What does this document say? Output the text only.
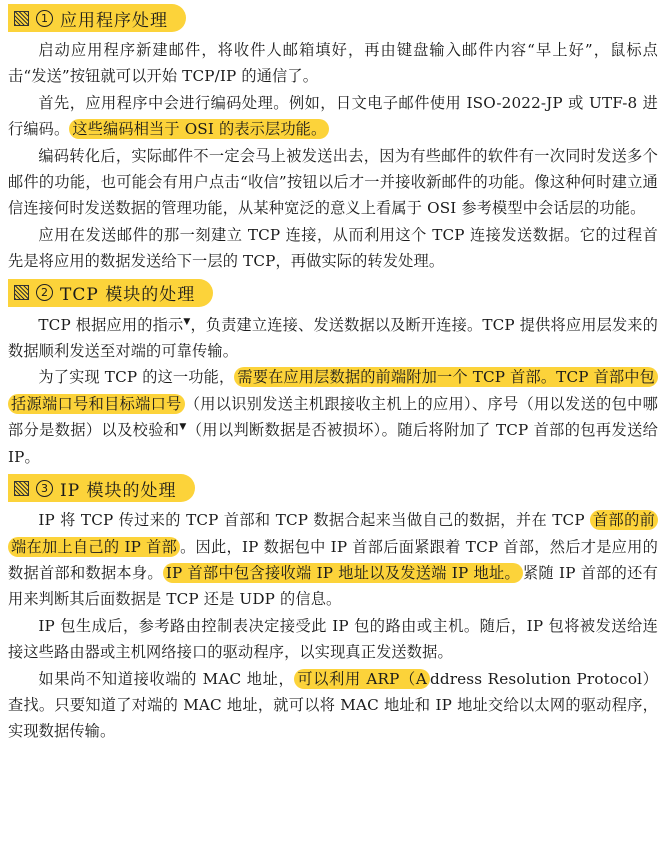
1 应用程序处理

启动应用程序新建邮件，将收件人邮箱填好，再由键盘输入邮件内容“早上好”，鼠标点击“发送”按钮就可以开始 TCP/IP 的通信了。

首先，应用程序中会进行编码处理。例如，日文电子邮件使用 ISO-2022-JP 或 UTF-8 进行编码。 这些编码相当于 OSI 的表示层功能。

编码转化后，实际邮件不一定会马上被发送出去，因为有些邮件的软件有一次同时发送多个邮件的功能，也可能会有用户点击“收信”按钮以后才一并接收新邮件的功能。像这种何时建立通信连接何时发送数据的管理功能，从某种宽泛的意义上看属于 OSI 参考模型中会话层的功能。

应用在发送邮件的那一刻建立 TCP 连接，从而利用这个 TCP 连接发送数据。它的过程首先是将应用的数据发送给下一层的 TCP，再做实际的转发处理。

2 TCP 模块的处理

TCP 根据应用的指示▼，负责建立连接、发送数据以及断开连接。TCP 提供将应用层发来的数据顺利发送至对端的可靠传输。

为了实现 TCP 的这一功能， 需要在应用层数据的前端附加一个 TCP 首部。TCP 首部中包括源端口号和目标端口号 （用以识别发送主机跟接收主机上的应用）、序号（用以发送的包中哪部分是数据）以及校验和▼（用以判断数据是否被损坏）。随后将附加了 TCP 首部的包再发送给 IP。

3 IP 模块的处理

IP 将 TCP 传过来的 TCP 首部和 TCP 数据合起来当做自己的数据，并在 TCP 首部的前端在加上自己的 IP 首部 。因此，IP 数据包中 IP 首部后面紧跟着 TCP 首部，然后才是应用的数据首部和数据本身。 IP 首部中包含接收端 IP 地址以及发送端 IP 地址。 紧随 IP 首部的还有用来判断其后面数据是 TCP 还是 UDP 的信息。

IP 包生成后，参考路由控制表决定接受此 IP 包的路由或主机。随后，IP 包将被发送给连接这些路由器或主机网络接口的驱动程序，以实现真正发送数据。

如果尚不知道接收端的 MAC 地址， 可以利用 ARP（A ddress Resolution Protocol）查找。只要知道了对端的 MAC 地址，就可以将 MAC 地址和 IP 地址交给以太网的驱动程序，实现数据传输。
